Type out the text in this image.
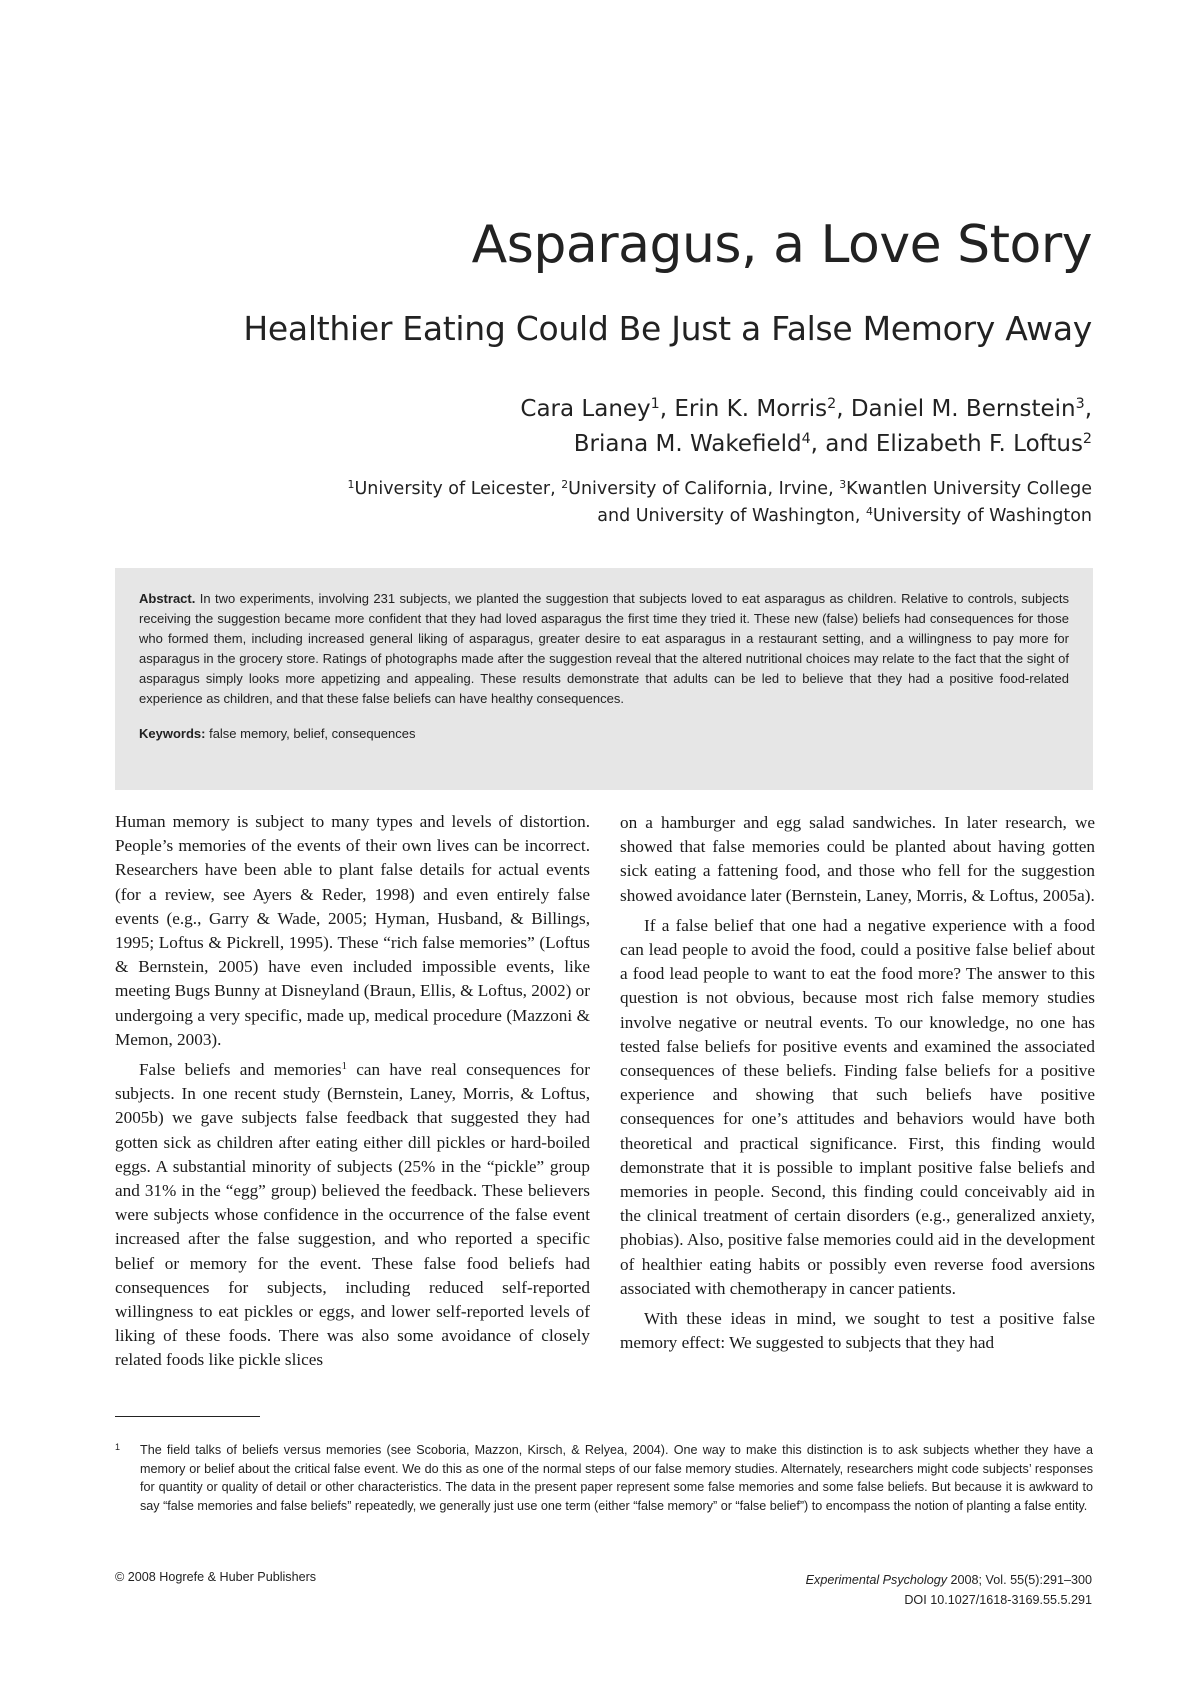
Asparagus, a Love Story
Healthier Eating Could Be Just a False Memory Away
Cara Laney$^1$, Erin K. Morris$^2$, Daniel M. Bernstein$^3$,
Briana M. Wakefield$^4$, and Elizabeth F. Loftus$^2$
$^1$University of Leicester, $^2$University of California, Irvine, $^3$Kwantlen University College
and University of Washington, $^4$University of Washington
Abstract. In two experiments, involving 231 subjects, we planted the suggestion that subjects loved to eat asparagus as children. Relative to controls, subjects receiving the suggestion became more confident that they had loved asparagus the first time they tried it. These new (false) beliefs had consequences for those who formed them, including increased general liking of asparagus, greater desire to eat asparagus in a restaurant setting, and a willingness to pay more for asparagus in the grocery store. Ratings of photographs made after the suggestion reveal that the altered nutritional choices may relate to the fact that the sight of asparagus simply looks more appetizing and appealing. These results demonstrate that adults can be led to believe that they had a positive food-related experience as children, and that these false beliefs can have healthy consequences.
Keywords: false memory, belief, consequences

Human memory is subject to many types and levels of distortion. People’s memories of the events of their own lives can be incorrect. Researchers have been able to plant false details for actual events (for a review, see Ayers & Reder, 1998) and even entirely false events (e.g., Garry & Wade, 2005; Hyman, Husband, & Billings, 1995; Loftus & Pickrell, 1995). These “rich false memories” (Loftus & Bernstein, 2005) have even included impossible events, like meeting Bugs Bunny at Disneyland (Braun, Ellis, & Loftus, 2002) or undergoing a very specific, made up, medical procedure (Mazzoni & Memon, 2003).

False beliefs and memories$^1$ can have real consequences for subjects. In one recent study (Bernstein, Laney, Morris, & Loftus, 2005b) we gave subjects false feedback that suggested they had gotten sick as children after eating either dill pickles or hard-boiled eggs. A substantial minority of subjects (25% in the “pickle” group and 31% in the “egg” group) believed the feedback. These believers were subjects whose confidence in the occurrence of the false event increased after the false suggestion, and who reported a specific belief or memory for the event. These false food beliefs had consequences for subjects, including reduced self-reported willingness to eat pickles or eggs, and lower self-reported levels of liking of these foods. There was also some avoidance of closely related foods like pickle slices

on a hamburger and egg salad sandwiches. In later research, we showed that false memories could be planted about having gotten sick eating a fattening food, and those who fell for the suggestion showed avoidance later (Bernstein, Laney, Morris, & Loftus, 2005a).

If a false belief that one had a negative experience with a food can lead people to avoid the food, could a positive false belief about a food lead people to want to eat the food more? The answer to this question is not obvious, because most rich false memory studies involve negative or neutral events. To our knowledge, no one has tested false beliefs for positive events and examined the associated consequences of these beliefs. Finding false beliefs for a positive experience and showing that such beliefs have positive consequences for one’s attitudes and behaviors would have both theoretical and practical significance. First, this finding would demonstrate that it is possible to implant positive false beliefs and memories in people. Second, this finding could conceivably aid in the clinical treatment of certain disorders (e.g., generalized anxiety, phobias). Also, positive false memories could aid in the development of healthier eating habits or possibly even reverse food aversions associated with chemotherapy in cancer patients.

With these ideas in mind, we sought to test a positive false memory effect: We suggested to subjects that they had

1 The field talks of beliefs versus memories (see Scoboria, Mazzon, Kirsch, & Relyea, 2004). One way to make this distinction is to ask subjects whether they have a memory or belief about the critical false event. We do this as one of the normal steps of our false memory studies. Alternately, researchers might code subjects’ responses for quantity or quality of detail or other characteristics. The data in the present paper represent some false memories and some false beliefs. But because it is awkward to say “false memories and false beliefs” repeatedly, we generally just use one term (either “false memory” or “false belief”) to encompass the notion of planting a false entity.
© 2008 Hogrefe & Huber Publishers	Experimental Psychology 2008; Vol. 55(5):291–300
DOI 10.1027/1618-3169.55.5.291
